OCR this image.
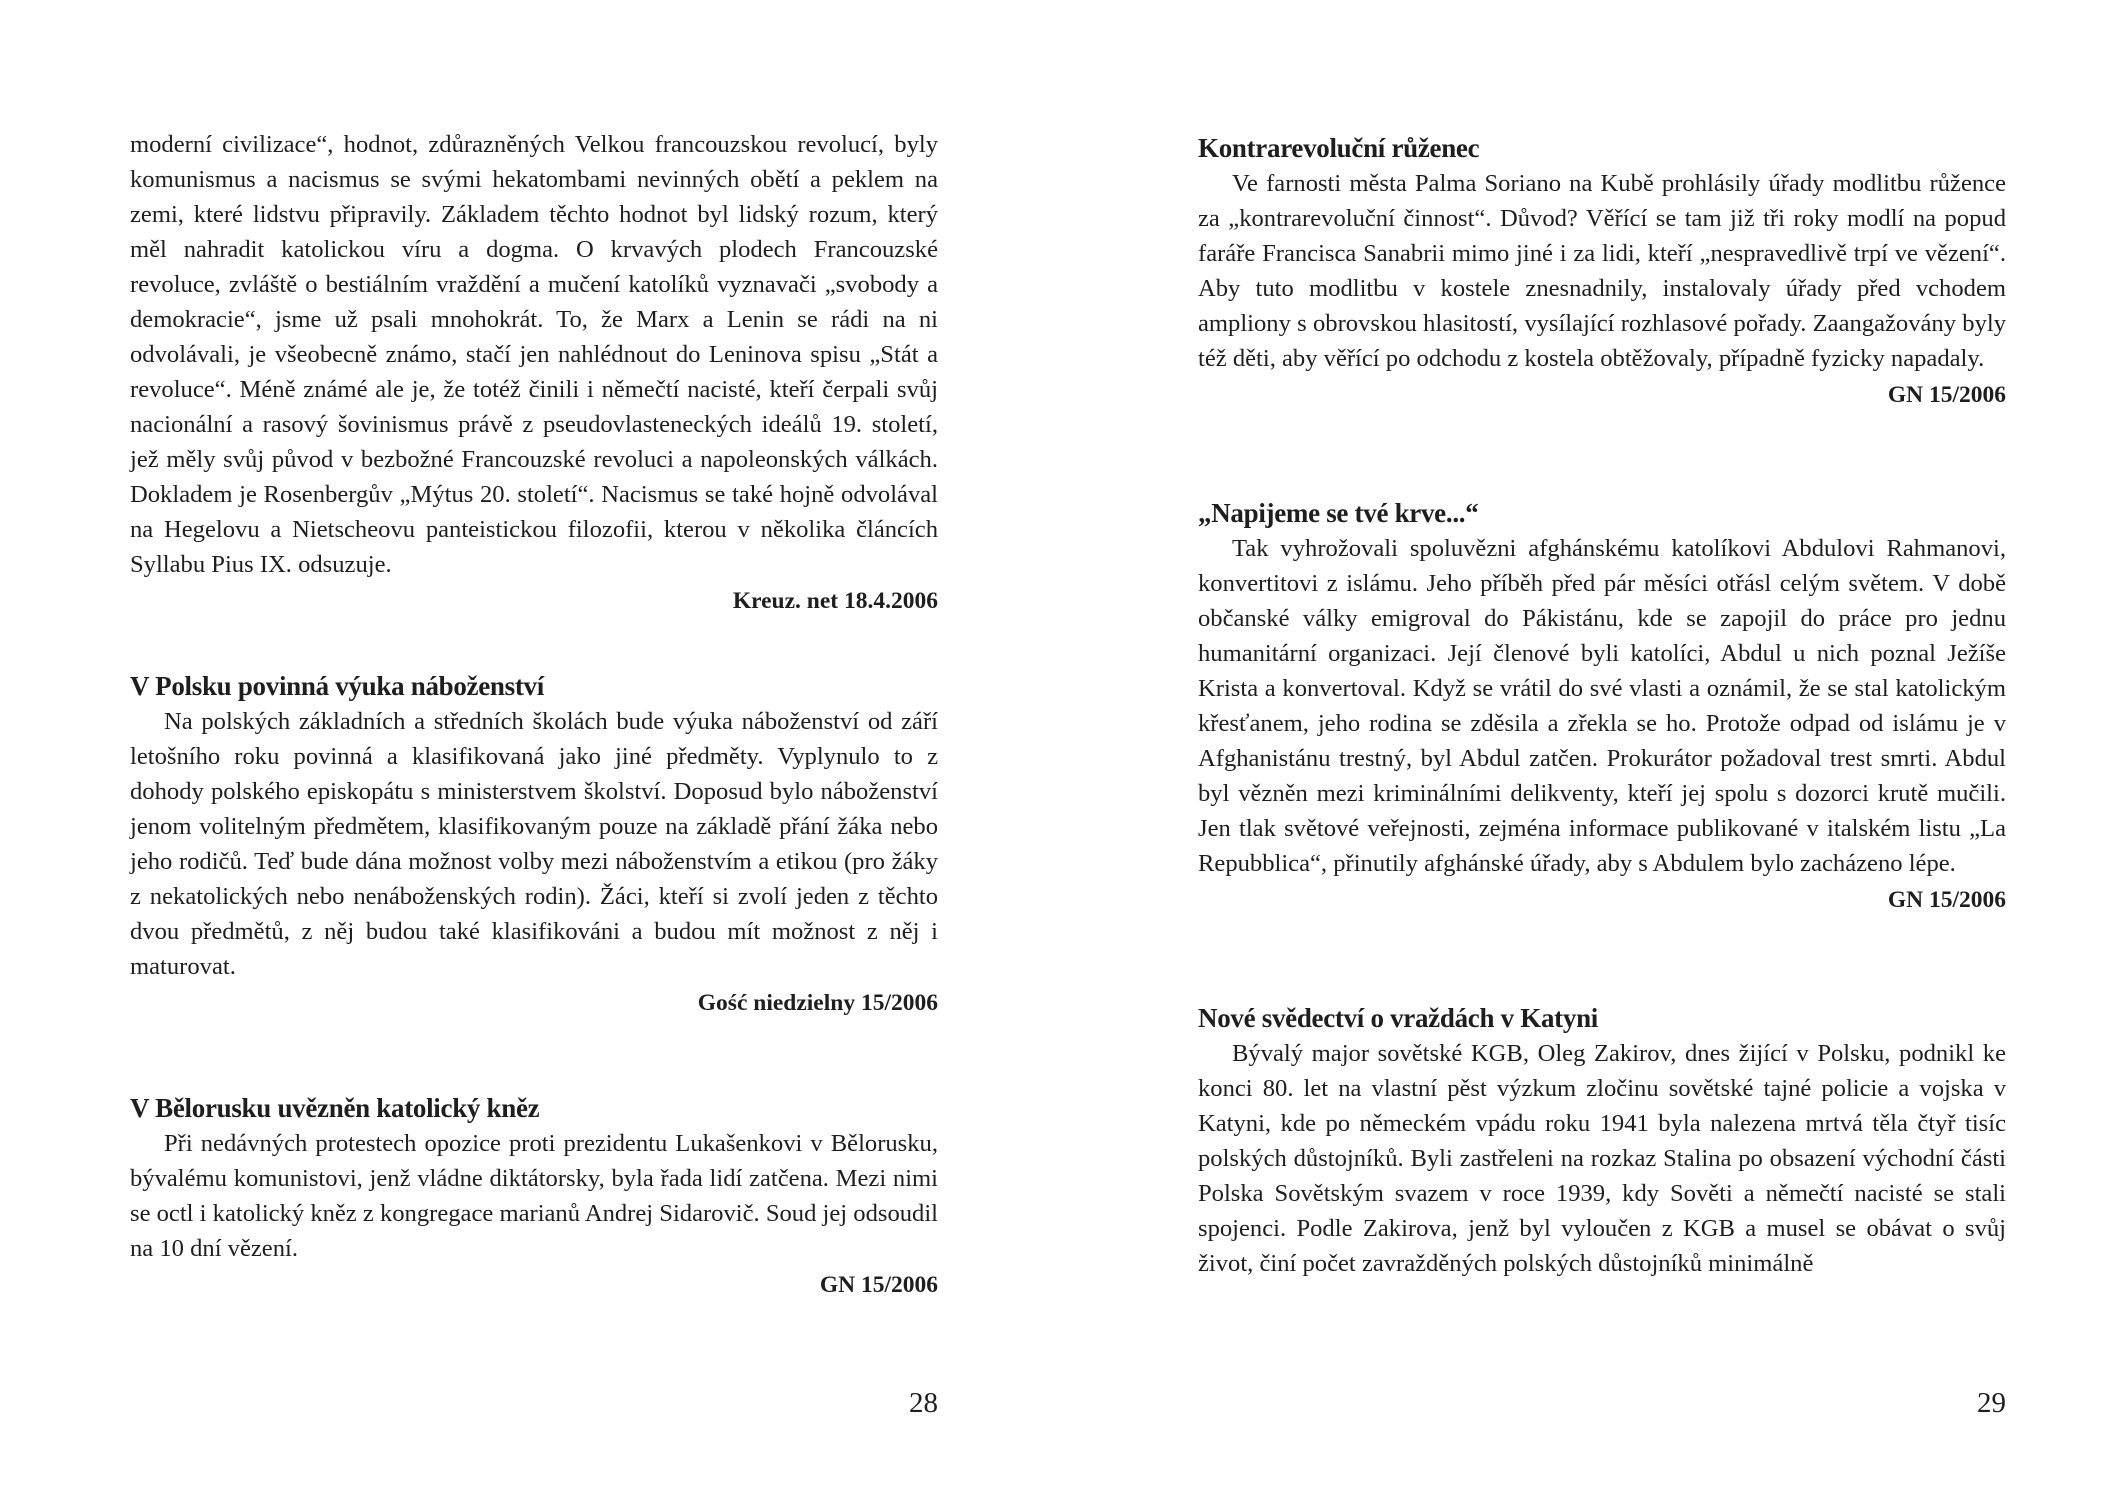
moderní civilizace“, hodnot, zdůrazněných Velkou francouzskou revolucí, byly komunismus a nacismus se svými hekatombami nevinných obětí a peklem na zemi, které lidstvu připravily. Základem těchto hodnot byl lidský rozum, který měl nahradit katolickou víru a dogma. O krvavých plodech Francouzské revoluce, zvláště o bestiálním vraždění a mučení katolíků vyznavači „svobody a demokracie“, jsme už psali mnohokrát. To, že Marx a Lenin se rádi na ni odvolávali, je všeobecně známo, stačí jen nahlédnout do Leninova spisu „Stát a revoluce“. Méně známé ale je, že totéž činili i němečtí nacisté, kteří čerpali svůj nacionální a rasový šovinismus právě z pseudovlasteneckých ideálů 19. století, jež měly svůj původ v bezbožné Francouzské revoluci a napoleonských válkách. Dokladem je Rosenbergův „Mýtus 20. století“. Nacismus se také hojně odvolával na Hegelovu a Nietscheovu panteistickou filozofii, kterou v několika článcích Syllabu Pius IX. odsuzuje.

Kreuz. net 18.4.2006
V Polsku povinná výuka náboženství

Na polských základních a středních školách bude výuka náboženství od září letošního roku povinná a klasifikovaná jako jiné předměty. Vyplynulo to z dohody polského episkopátu s ministerstvem školství. Doposud bylo náboženství jenom volitelným předmětem, klasifikovaným pouze na základě přání žáka nebo jeho rodičů. Teď bude dána možnost volby mezi náboženstvím a etikou (pro žáky z nekatolických nebo nenáboženských rodin). Žáci, kteří si zvolí jeden z těchto dvou předmětů, z něj budou také klasifikováni a budou mít možnost z něj i maturovat.

Gość niedzielny 15/2006
V Bělorusku uvězněn katolický kněz

Při nedávných protestech opozice proti prezidentu Lukašenkovi v Bělorusku, bývalému komunistovi, jenž vládne diktátorsky, byla řada lidí zatčena. Mezi nimi se octl i katolický kněz z kongregace marianů Andrej Sidarovič. Soud jej odsoudil na 10 dní vězení.

GN 15/2006
28
Kontrarevoluční růženec

Ve farnosti města Palma Soriano na Kubě prohlásily úřady modlitbu růžence za „kontrarevoluční činnost“. Důvod? Věřící se tam již tři roky modlí na popud faráře Francisca Sanabrii mimo jiné i za lidi, kteří „nespravedlivě trpí ve vězení“. Aby tuto modlitbu v kostele znesnadnily, instalovaly úřady před vchodem ampliony s obrovskou hlasitostí, vysílající rozhlasové pořady. Zaangažovány byly též děti, aby věřící po odchodu z kostela obtěžovaly, případně fyzicky napadaly.

GN 15/2006
„Napijeme se tvé krve...“

Tak vyhrožovali spoluvězni afghánskému katolíkovi Abdulovi Rahmanovi, konvertitovi z islámu. Jeho příběh před pár měsíci otřásl celým světem. V době občanské války emigroval do Pákistánu, kde se zapojil do práce pro jednu humanitární organizaci. Její členové byli katolíci, Abdul u nich poznal Ježíše Krista a konvertoval. Když se vrátil do své vlasti a oznámil, že se stal katolickým křesťanem, jeho rodina se zděsila a zřekla se ho. Protože odpad od islámu je v Afghanistánu trestný, byl Abdul zatčen. Prokurátor požadoval trest smrti. Abdul byl vězněn mezi kriminálními delikventy, kteří jej spolu s dozorci krutě mučili. Jen tlak světové veřejnosti, zejména informace publikované v italském listu „La Repubblica“, přinutily afghánské úřady, aby s Abdulem bylo zacházeno lépe.

GN 15/2006
Nové svědectví o vraždách v Katyni

Bývalý major sovětské KGB, Oleg Zakirov, dnes žijící v Polsku, podnikl ke konci 80. let na vlastní pěst výzkum zločinu sovětské tajné policie a vojska v Katyni, kde po německém vpádu roku 1941 byla nalezena mrtvá těla čtyř tisíc polských důstojníků. Byli zastřeleni na rozkaz Stalina po obsazení východní části Polska Sovětským svazem v roce 1939, kdy Sověti a němečtí nacisté se stali spojenci. Podle Zakirova, jenž byl vyloučen z KGB a musel se obávat o svůj život, činí počet zavražděných polských důstojníků minimálně

29
